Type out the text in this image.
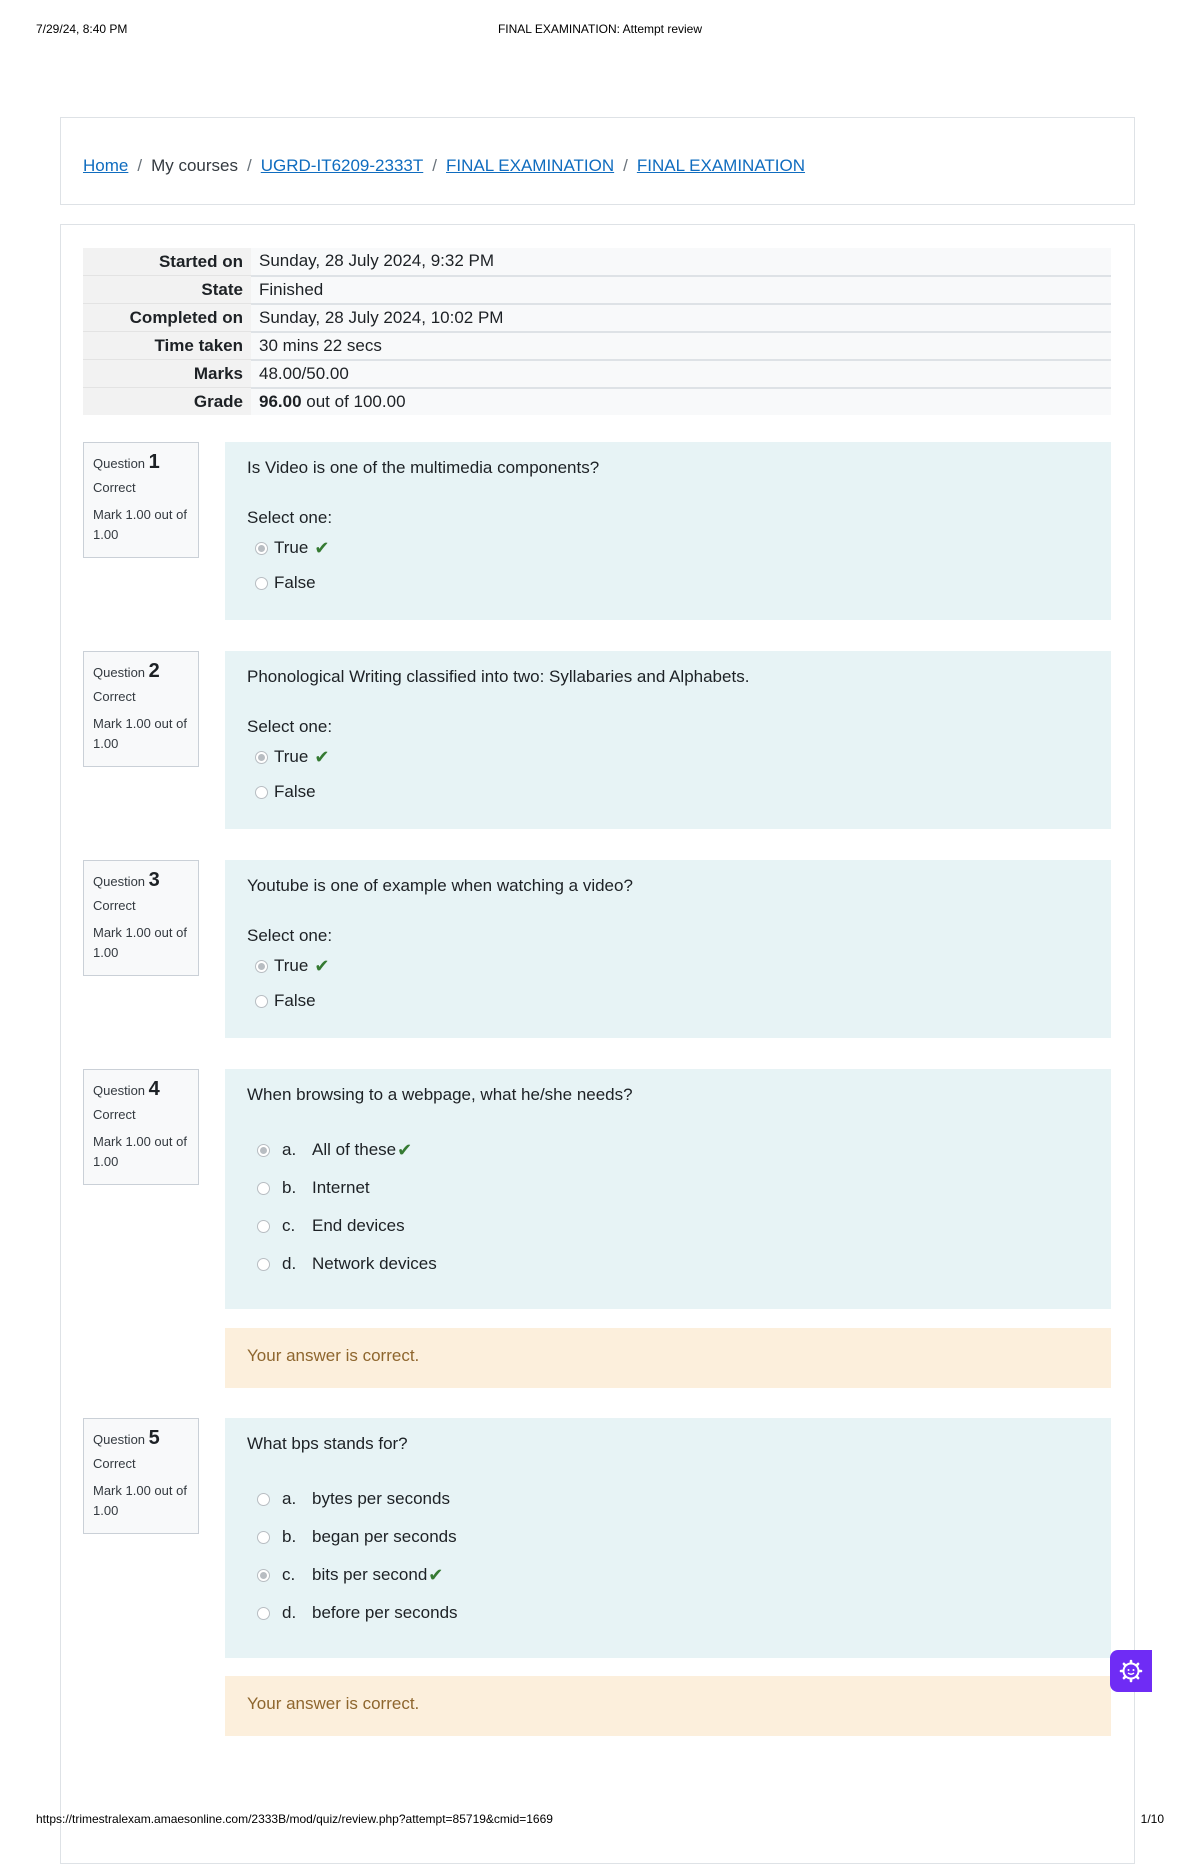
7/29/24, 8:40 PM	FINAL EXAMINATION: Attempt review
Home / My courses / UGRD-IT6209-2333T / FINAL EXAMINATION / FINAL EXAMINATION
Started on	Sunday, 28 July 2024, 9:32 PM
State	Finished
Completed on	Sunday, 28 July 2024, 10:02 PM
Time taken	30 mins 22 secs
Marks	48.00/50.00
Grade	96.00 out of 100.00
Question 1
Correct
Mark 1.00 out of 1.00
Is Video is one of the multimedia components?
Select one:
True ✔
False
Question 2
Correct
Mark 1.00 out of 1.00
Phonological Writing classified into two: Syllabaries and Alphabets.
Select one:
True ✔
False
Question 3
Correct
Mark 1.00 out of 1.00
Youtube is one of example when watching a video?
Select one:
True ✔
False
Question 4
Correct
Mark 1.00 out of 1.00
When browsing to a webpage, what he/she needs?
a. All of these ✔
b. Internet
c. End devices
d. Network devices
Your answer is correct.
Question 5
Correct
Mark 1.00 out of 1.00
What bps stands for?
a. bytes per seconds
b. began per seconds
c. bits per second ✔
d. before per seconds
Your answer is correct.
https://trimestralexam.amaesonline.com/2333B/mod/quiz/review.php?attempt=85719&cmid=1669	1/10
